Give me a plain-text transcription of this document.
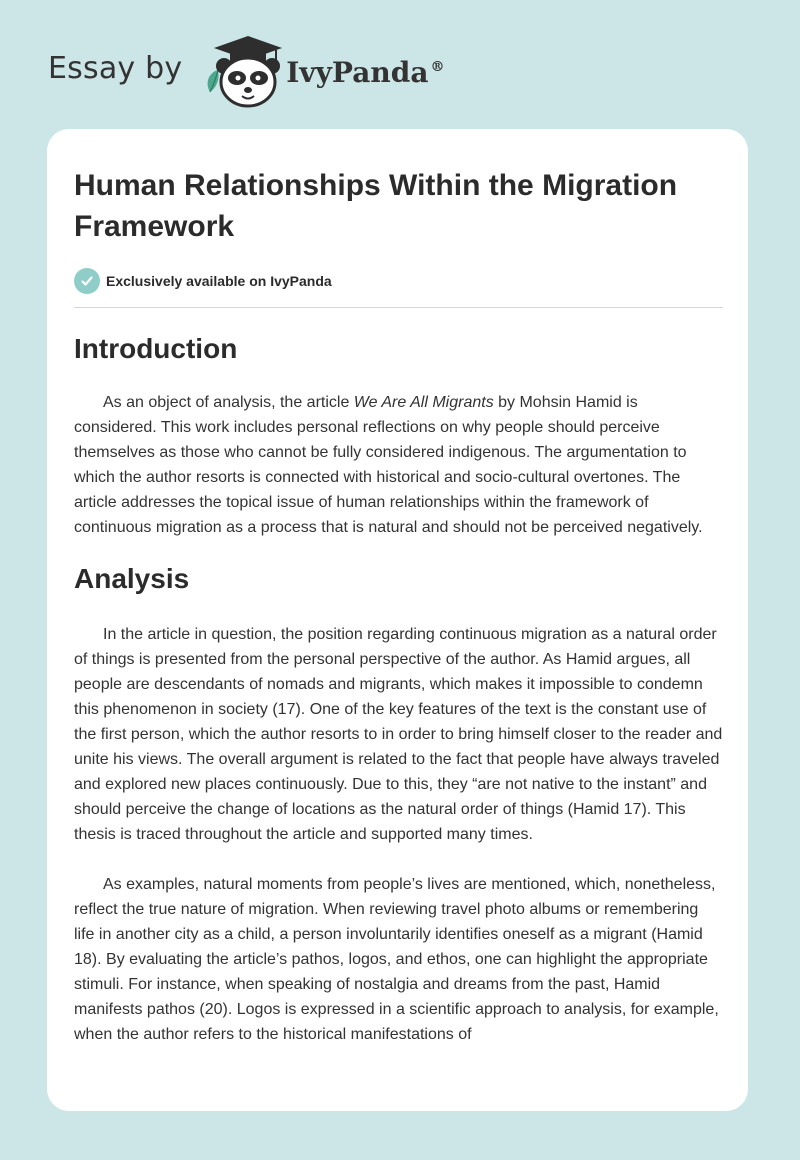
Essay by	IvyPanda ®
Human Relationships Within the Migration Framework
Exclusively available on IvyPanda
Introduction

As an object of analysis, the article We Are All Migrants by Mohsin Hamid is considered. This work includes personal reflections on why people should perceive themselves as those who cannot be fully considered indigenous. The argumentation to which the author resorts is connected with historical and socio-cultural overtones. The article addresses the topical issue of human relationships within the framework of continuous migration as a process that is natural and should not be perceived negatively.

Analysis

In the article in question, the position regarding continuous migration as a natural order of things is presented from the personal perspective of the author. As Hamid argues, all people are descendants of nomads and migrants, which makes it impossible to condemn this phenomenon in society (17). One of the key features of the text is the constant use of the first person, which the author resorts to in order to bring himself closer to the reader and unite his views. The overall argument is related to the fact that people have always traveled and explored new places continuously. Due to this, they “are not native to the instant” and should perceive the change of locations as the natural order of things (Hamid 17). This thesis is traced throughout the article and supported many times.

As examples, natural moments from people’s lives are mentioned, which, nonetheless, reflect the true nature of migration. When reviewing travel photo albums or remembering life in another city as a child, a person involuntarily identifies oneself as a migrant (Hamid 18). By evaluating the article’s pathos, logos, and ethos, one can highlight the appropriate stimuli. For instance, when speaking of nostalgia and dreams from the past, Hamid manifests pathos (20). Logos is expressed in a scientific approach to analysis, for example, when the author refers to the historical manifestations of
